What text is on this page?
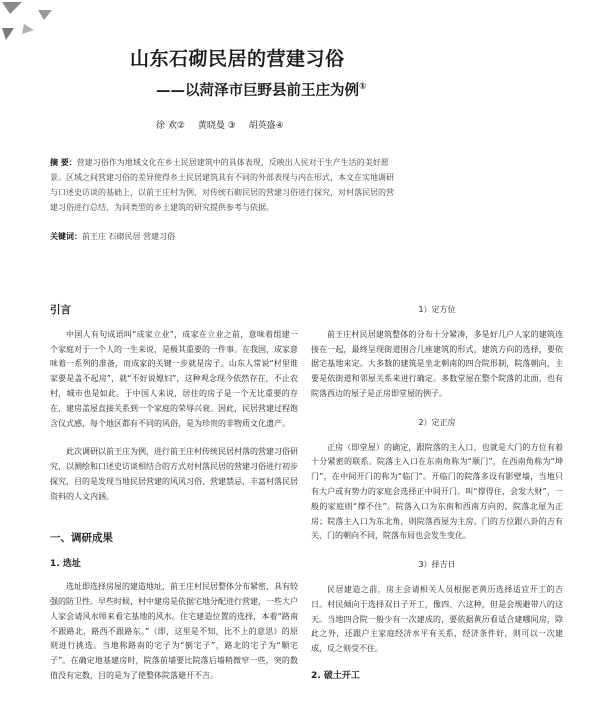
山东石砌民居的营建习俗
——以菏泽市巨野县前王庄为例①
徐 欢② 黄晓曼 ③ 胡英盛④
摘 要：营建习俗作为地域文化在乡土民居建筑中的具体表现，反映出人民对于生产生活的美好愿景。区域之间营建习俗的差异使得乡土民居建筑具有不同的外部表现与内在形式，本文在实地调研与口述史访谈的基础上，以前王庄村为例，对传统石砌民居的营建习俗进行探究，对村落民居的营建习俗进行总结，为同类型的乡土建筑的研究提供参考与依据。
关键词：前王庄 石砌民居 营建习俗
引言

中国人有句成语叫“成家立业”，成家在立业之前，意味着组建一个家庭对于一个人的一生来说，是极其重要的一件事。在我国，成家意味着一系列的准备，而成家的关键一步就是房子。山东人常说“村里谁家要是盖不起房”，就“不好说媳妇”，这种观念现今依然存在，不止农村，城市也是如此。于中国人来说，居住的房子是一个无比重要的存在，建房盖屋直接关系到一个家庭的荣辱兴衰。因此，民居营建过程饱含仪式感，每个地区都有不同的风俗，是为珍贵的非物质文化遗产。

此次调研以前王庄为例，进行前王庄村传统民居村落的营建习俗研究，以测绘和口述史访谈相结合的方式对村落民居的营建习俗进行初步探究，目的是发现当地民居营建的风风习俗、营建禁忌，丰富村落民居资料的人文内涵。

一、调研成果
1. 选址

选址即选择房屋的建造地址，前王庄村民居整体分布紧密，具有较强的防卫性。早些时候，村中建房是依据宅地分配进行营建，一些大户人家会请风水师来看宅基地的风水。住宅建造位置的选择，本着“路南不跟路北，路西不跟路东。”（即，这里是不知，比不上的意思）的原则进行挑选。当地称路南的宅子为“倒宅子”，路北的宅子为“顺宅子”。在确定地基建房时，院落前墙要比院落后墙稍微窄一些，突的数值没有定数，目的是为了使整体院落避开不吉。

1）定方位

前王庄村民居建筑整体的分布十分紧凑，多是好几户人家的建筑连接在一起，最终呈现街道围合几座建筑的形式。建筑方向的选择，要依据宅基地来定。大多数的建筑是坐北朝南的四合院形制，院落朝向，主要是依街道和邻屋关系来进行确定。多数堂屋在整个院落的北面，也有院落西边的屋子是正房即堂屋的例子。

2）定正房

正房（即堂屋）的确定，跟院落的主入口，也就是大门的方位有着十分紧密的联系。院落主入口在东南角称为“顺门”，在西南角称为“坤门”，在中间开门的称为“临门”。开临门的院落多设有影壁墙，当地只有大户或有势力的家庭会选择正中间开门。叫“撑得住，会发大财”，一般的家庭则“撑不住”。院落入口为东南和西南方向的，院落北屋为正房；院落主入口为东北角，则院落西屋为主房。门的方位跟八卦的吉有关，门的朝向不同，院落布局也会发生变化。

3）择吉日

民居建造之前，房主会请相关人员根据老黄历选择适宜开工的吉日。村民倾向于选择双日子开工，像四、六这种，但是会规避带八的这天。当地四合院一般少有一次建成的，要依据黄历看适合建哪间房，除此之外，还跟户主家庭经济水平有关系，经济条件好，则可以一次建成，反之则受不住。

2. 破土开工
